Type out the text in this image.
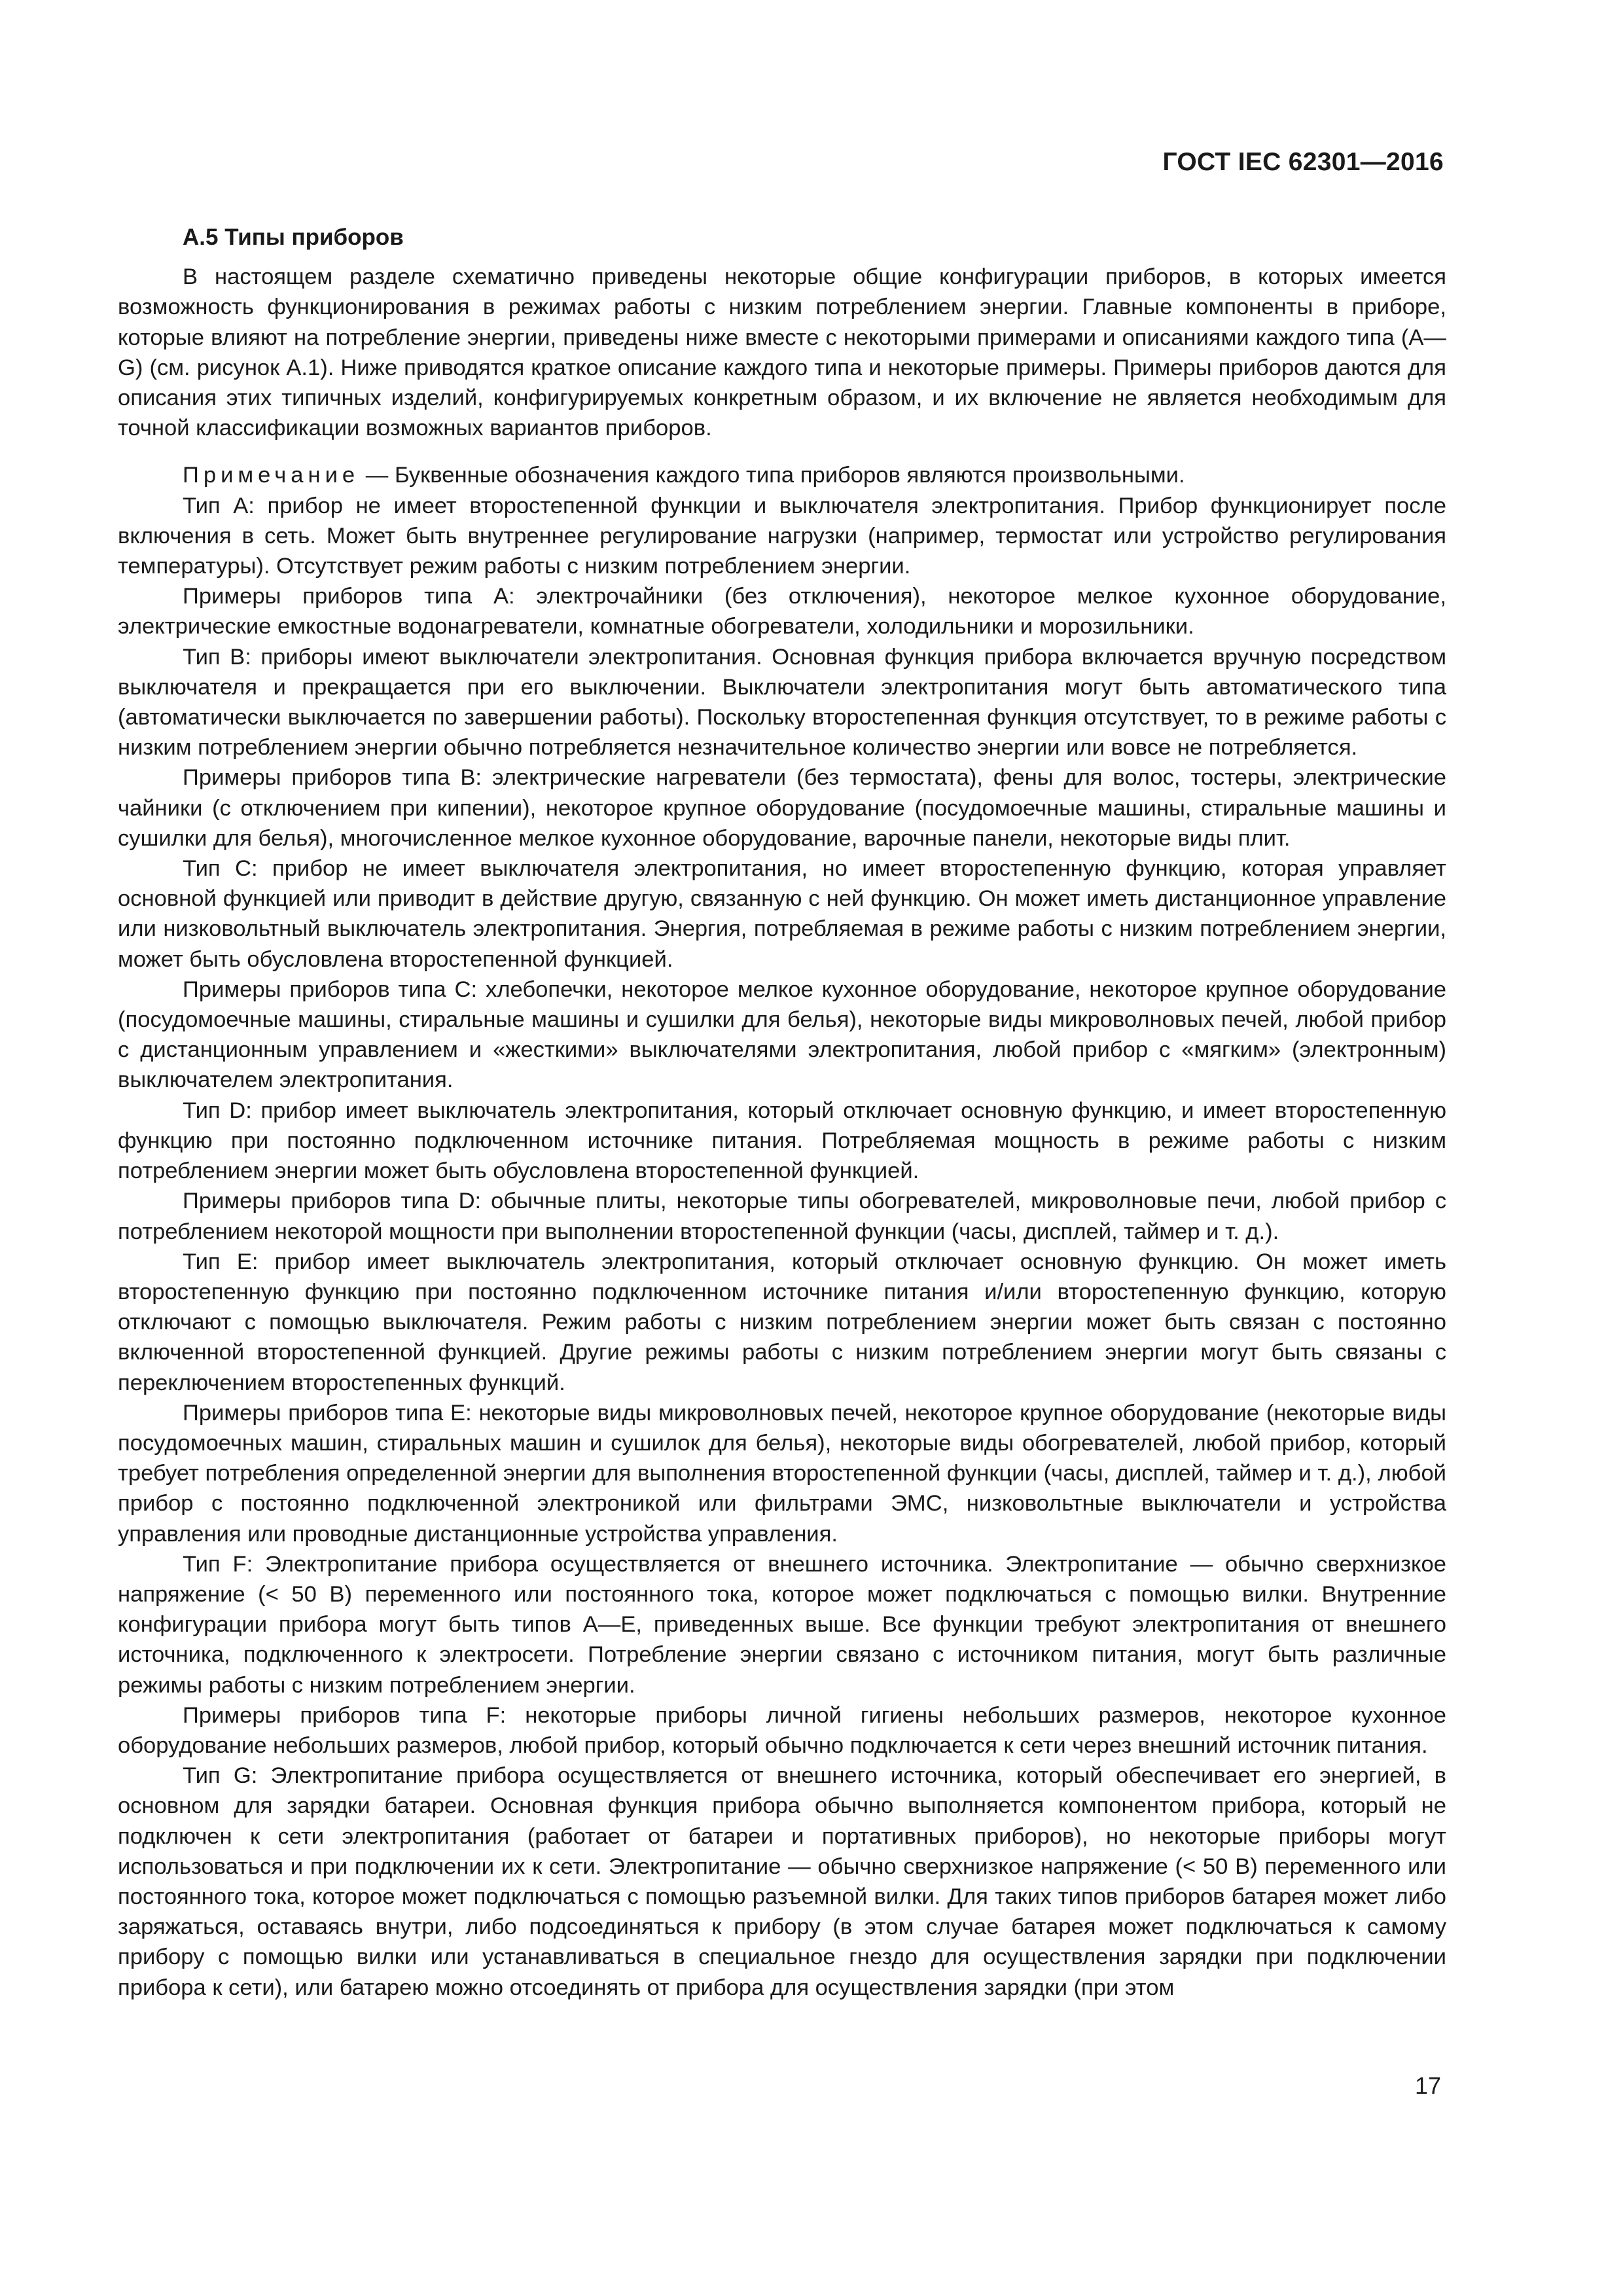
ГОСТ IEC 62301—2016
А.5 Типы приборов

В настоящем разделе схематично приведены некоторые общие конфигурации приборов, в которых имеется возможность функционирования в режимах работы с низким потреблением энергии. Главные компоненты в приборе, которые влияют на потребление энергии, приведены ниже вместе с некоторыми примерами и описаниями каждого типа (А—G) (см. рисунок А.1). Ниже приводятся краткое описание каждого типа и некоторые примеры. Примеры приборов даются для описания этих типичных изделий, конфигурируемых конкретным образом, и их включение не является необходимым для точной классификации возможных вариантов приборов.

Примечание — Буквенные обозначения каждого типа приборов являются произвольными.

Тип А: прибор не имеет второстепенной функции и выключателя электропитания. Прибор функционирует после включения в сеть. Может быть внутреннее регулирование нагрузки (например, термостат или устройство регулирования температуры). Отсутствует режим работы с низким потреблением энергии.

Примеры приборов типа А: электрочайники (без отключения), некоторое мелкое кухонное оборудование, электрические емкостные водонагреватели, комнатные обогреватели, холодильники и морозильники.

Тип В: приборы имеют выключатели электропитания. Основная функция прибора включается вручную посредством выключателя и прекращается при его выключении. Выключатели электропитания могут быть автоматического типа (автоматически выключается по завершении работы). Поскольку второстепенная функция отсутствует, то в режиме работы с низким потреблением энергии обычно потребляется незначительное количество энергии или вовсе не потребляется.

Примеры приборов типа В: электрические нагреватели (без термостата), фены для волос, тостеры, электрические чайники (с отключением при кипении), некоторое крупное оборудование (посудомоечные машины, стиральные машины и сушилки для белья), многочисленное мелкое кухонное оборудование, варочные панели, некоторые виды плит.

Тип С: прибор не имеет выключателя электропитания, но имеет второстепенную функцию, которая управляет основной функцией или приводит в действие другую, связанную с ней функцию. Он может иметь дистанционное управление или низковольтный выключатель электропитания. Энергия, потребляемая в режиме работы с низким потреблением энергии, может быть обусловлена второстепенной функцией.

Примеры приборов типа С: хлебопечки, некоторое мелкое кухонное оборудование, некоторое крупное оборудование (посудомоечные машины, стиральные машины и сушилки для белья), некоторые виды микроволновых печей, любой прибор с дистанционным управлением и «жесткими» выключателями электропитания, любой прибор с «мягким» (электронным) выключателем электропитания.

Тип D: прибор имеет выключатель электропитания, который отключает основную функцию, и имеет второстепенную функцию при постоянно подключенном источнике питания. Потребляемая мощность в режиме работы с низким потреблением энергии может быть обусловлена второстепенной функцией.

Примеры приборов типа D: обычные плиты, некоторые типы обогревателей, микроволновые печи, любой прибор с потреблением некоторой мощности при выполнении второстепенной функции (часы, дисплей, таймер и т. д.).

Тип Е: прибор имеет выключатель электропитания, который отключает основную функцию. Он может иметь второстепенную функцию при постоянно подключенном источнике питания и/или второстепенную функцию, которую отключают с помощью выключателя. Режим работы с низким потреблением энергии может быть связан с постоянно включенной второстепенной функцией. Другие режимы работы с низким потреблением энергии могут быть связаны с переключением второстепенных функций.

Примеры приборов типа Е: некоторые виды микроволновых печей, некоторое крупное оборудование (некоторые виды посудомоечных машин, стиральных машин и сушилок для белья), некоторые виды обогревателей, любой прибор, который требует потребления определенной энергии для выполнения второстепенной функции (часы, дисплей, таймер и т. д.), любой прибор с постоянно подключенной электроникой или фильтрами ЭМС, низковольтные выключатели и устройства управления или проводные дистанционные устройства управления.

Тип F: Электропитание прибора осуществляется от внешнего источника. Электропитание — обычно сверхнизкое напряжение (< 50 В) переменного или постоянного тока, которое может подключаться с помощью вилки. Внутренние конфигурации прибора могут быть типов А—Е, приведенных выше. Все функции требуют электропитания от внешнего источника, подключенного к электросети. Потребление энергии связано с источником питания, могут быть различные режимы работы с низким потреблением энергии.

Примеры приборов типа F: некоторые приборы личной гигиены небольших размеров, некоторое кухонное оборудование небольших размеров, любой прибор, который обычно подключается к сети через внешний источник питания.

Тип G: Электропитание прибора осуществляется от внешнего источника, который обеспечивает его энергией, в основном для зарядки батареи. Основная функция прибора обычно выполняется компонентом прибора, который не подключен к сети электропитания (работает от батареи и портативных приборов), но некоторые приборы могут использоваться и при подключении их к сети. Электропитание — обычно сверхнизкое напряжение (< 50 В) переменного или постоянного тока, которое может подключаться с помощью разъемной вилки. Для таких типов приборов батарея может либо заряжаться, оставаясь внутри, либо подсоединяться к прибору (в этом случае батарея может подключаться к самому прибору с помощью вилки или устанавливаться в специальное гнездо для осуществления зарядки при подключении прибора к сети), или батарею можно отсоединять от прибора для осуществления зарядки (при этом

17
